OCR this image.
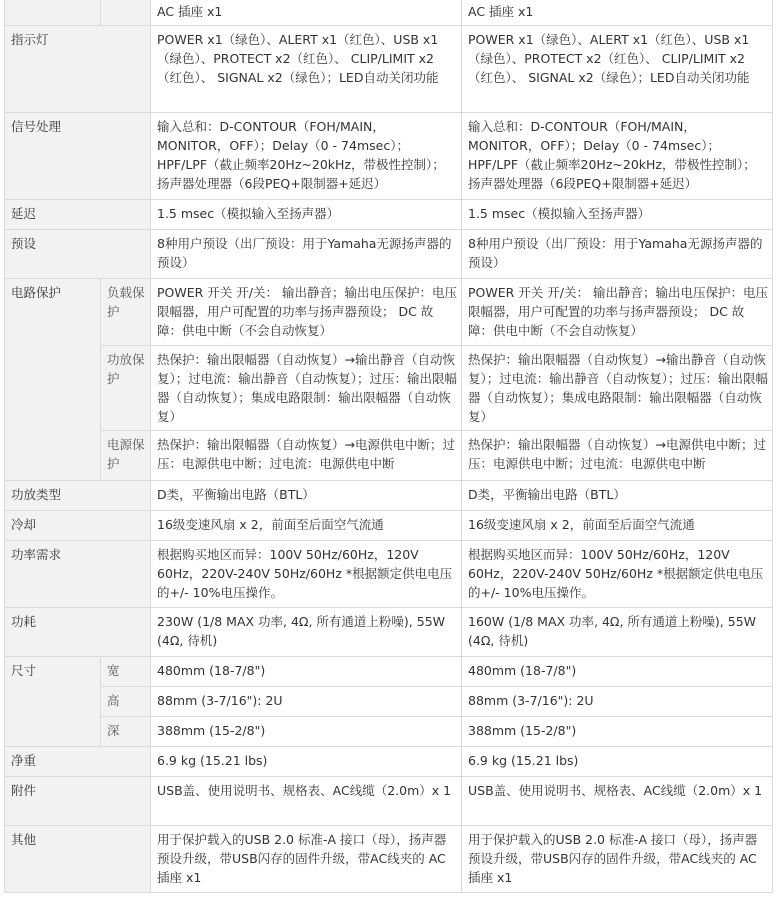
		AC 插座 x1	AC 插座 x1
指示灯		POWER x1（绿色）、ALERT x1（红色）、USB x1（绿色）、PROTECT x2（红色）、 CLIP/LIMIT x2（红色）、 SIGNAL x2（绿色）；LED自动关闭功能	POWER x1（绿色）、ALERT x1（红色）、USB x1（绿色）、PROTECT x2（红色）、 CLIP/LIMIT x2（红色）、 SIGNAL x2（绿色）；LED自动关闭功能
信号处理		输入总和：D-CONTOUR（FOH/MAIN，MONITOR，OFF）；Delay（0 - 74msec）；HPF/LPF（截止频率20Hz~20kHz，带极性控制）；扬声器处理器（6段PEQ+限制器+延迟）	输入总和：D-CONTOUR（FOH/MAIN，MONITOR，OFF）；Delay（0 - 74msec）；HPF/LPF（截止频率20Hz~20kHz，带极性控制）；扬声器处理器（6段PEQ+限制器+延迟）
延迟		1.5 msec（模拟输入至扬声器）	1.5 msec（模拟输入至扬声器）
预设		8种用户预设（出厂预设：用于Yamaha无源扬声器的预设）	8种用户预设（出厂预设：用于Yamaha无源扬声器的预设）
电路保护	负载保护	POWER 开关 开/关： 输出静音；输出电压保护：电压限幅器，用户可配置的功率与扬声器预设； DC 故障：供电中断（不会自动恢复）	POWER 开关 开/关： 输出静音；输出电压保护：电压限幅器，用户可配置的功率与扬声器预设； DC 故障：供电中断（不会自动恢复）
	功放保护	热保护：输出限幅器（自动恢复）→输出静音（自动恢复）；过电流：输出静音（自动恢复）；过压：输出限幅器（自动恢复）；集成电路限制：输出限幅器（自动恢复）	热保护：输出限幅器（自动恢复）→输出静音（自动恢复）；过电流：输出静音（自动恢复）；过压：输出限幅器（自动恢复）；集成电路限制：输出限幅器（自动恢复）
	电源保护	热保护：输出限幅器（自动恢复）→电源供电中断；过压：电源供电中断；过电流：电源供电中断	热保护：输出限幅器（自动恢复）→电源供电中断；过压：电源供电中断；过电流：电源供电中断
功放类型		D类，平衡输出电路（BTL）	D类，平衡输出电路（BTL）
冷却		16级变速风扇 x 2，前面至后面空气流通	16级变速风扇 x 2，前面至后面空气流通
功率需求		根据购买地区而异：100V 50Hz/60Hz，120V 60Hz，220V-240V 50Hz/60Hz *根据额定供电电压的+/- 10%电压操作。	根据购买地区而异：100V 50Hz/60Hz，120V 60Hz，220V-240V 50Hz/60Hz *根据额定供电电压的+/- 10%电压操作。
功耗		230W (1/8 MAX 功率, 4Ω, 所有通道上粉噪), 55W (4Ω, 待机)	160W (1/8 MAX 功率, 4Ω, 所有通道上粉噪), 55W (4Ω, 待机)
尺寸	宽	480mm (18-7/8")	480mm (18-7/8")
	高	88mm (3-7/16"): 2U	88mm (3-7/16"): 2U
	深	388mm (15-2/8")	388mm (15-2/8")
净重		6.9 kg (15.21 lbs)	6.9 kg (15.21 lbs)
附件		USB盖、使用说明书、规格表、AC线缆（2.0m）x 1	USB盖、使用说明书、规格表、AC线缆（2.0m）x 1
其他		用于保护载入的USB 2.0 标准-A 接口（母），扬声器预设升级，带USB闪存的固件升级，带AC线夹的 AC 插座 x1	用于保护载入的USB 2.0 标准-A 接口（母），扬声器预设升级，带USB闪存的固件升级，带AC线夹的 AC 插座 x1
